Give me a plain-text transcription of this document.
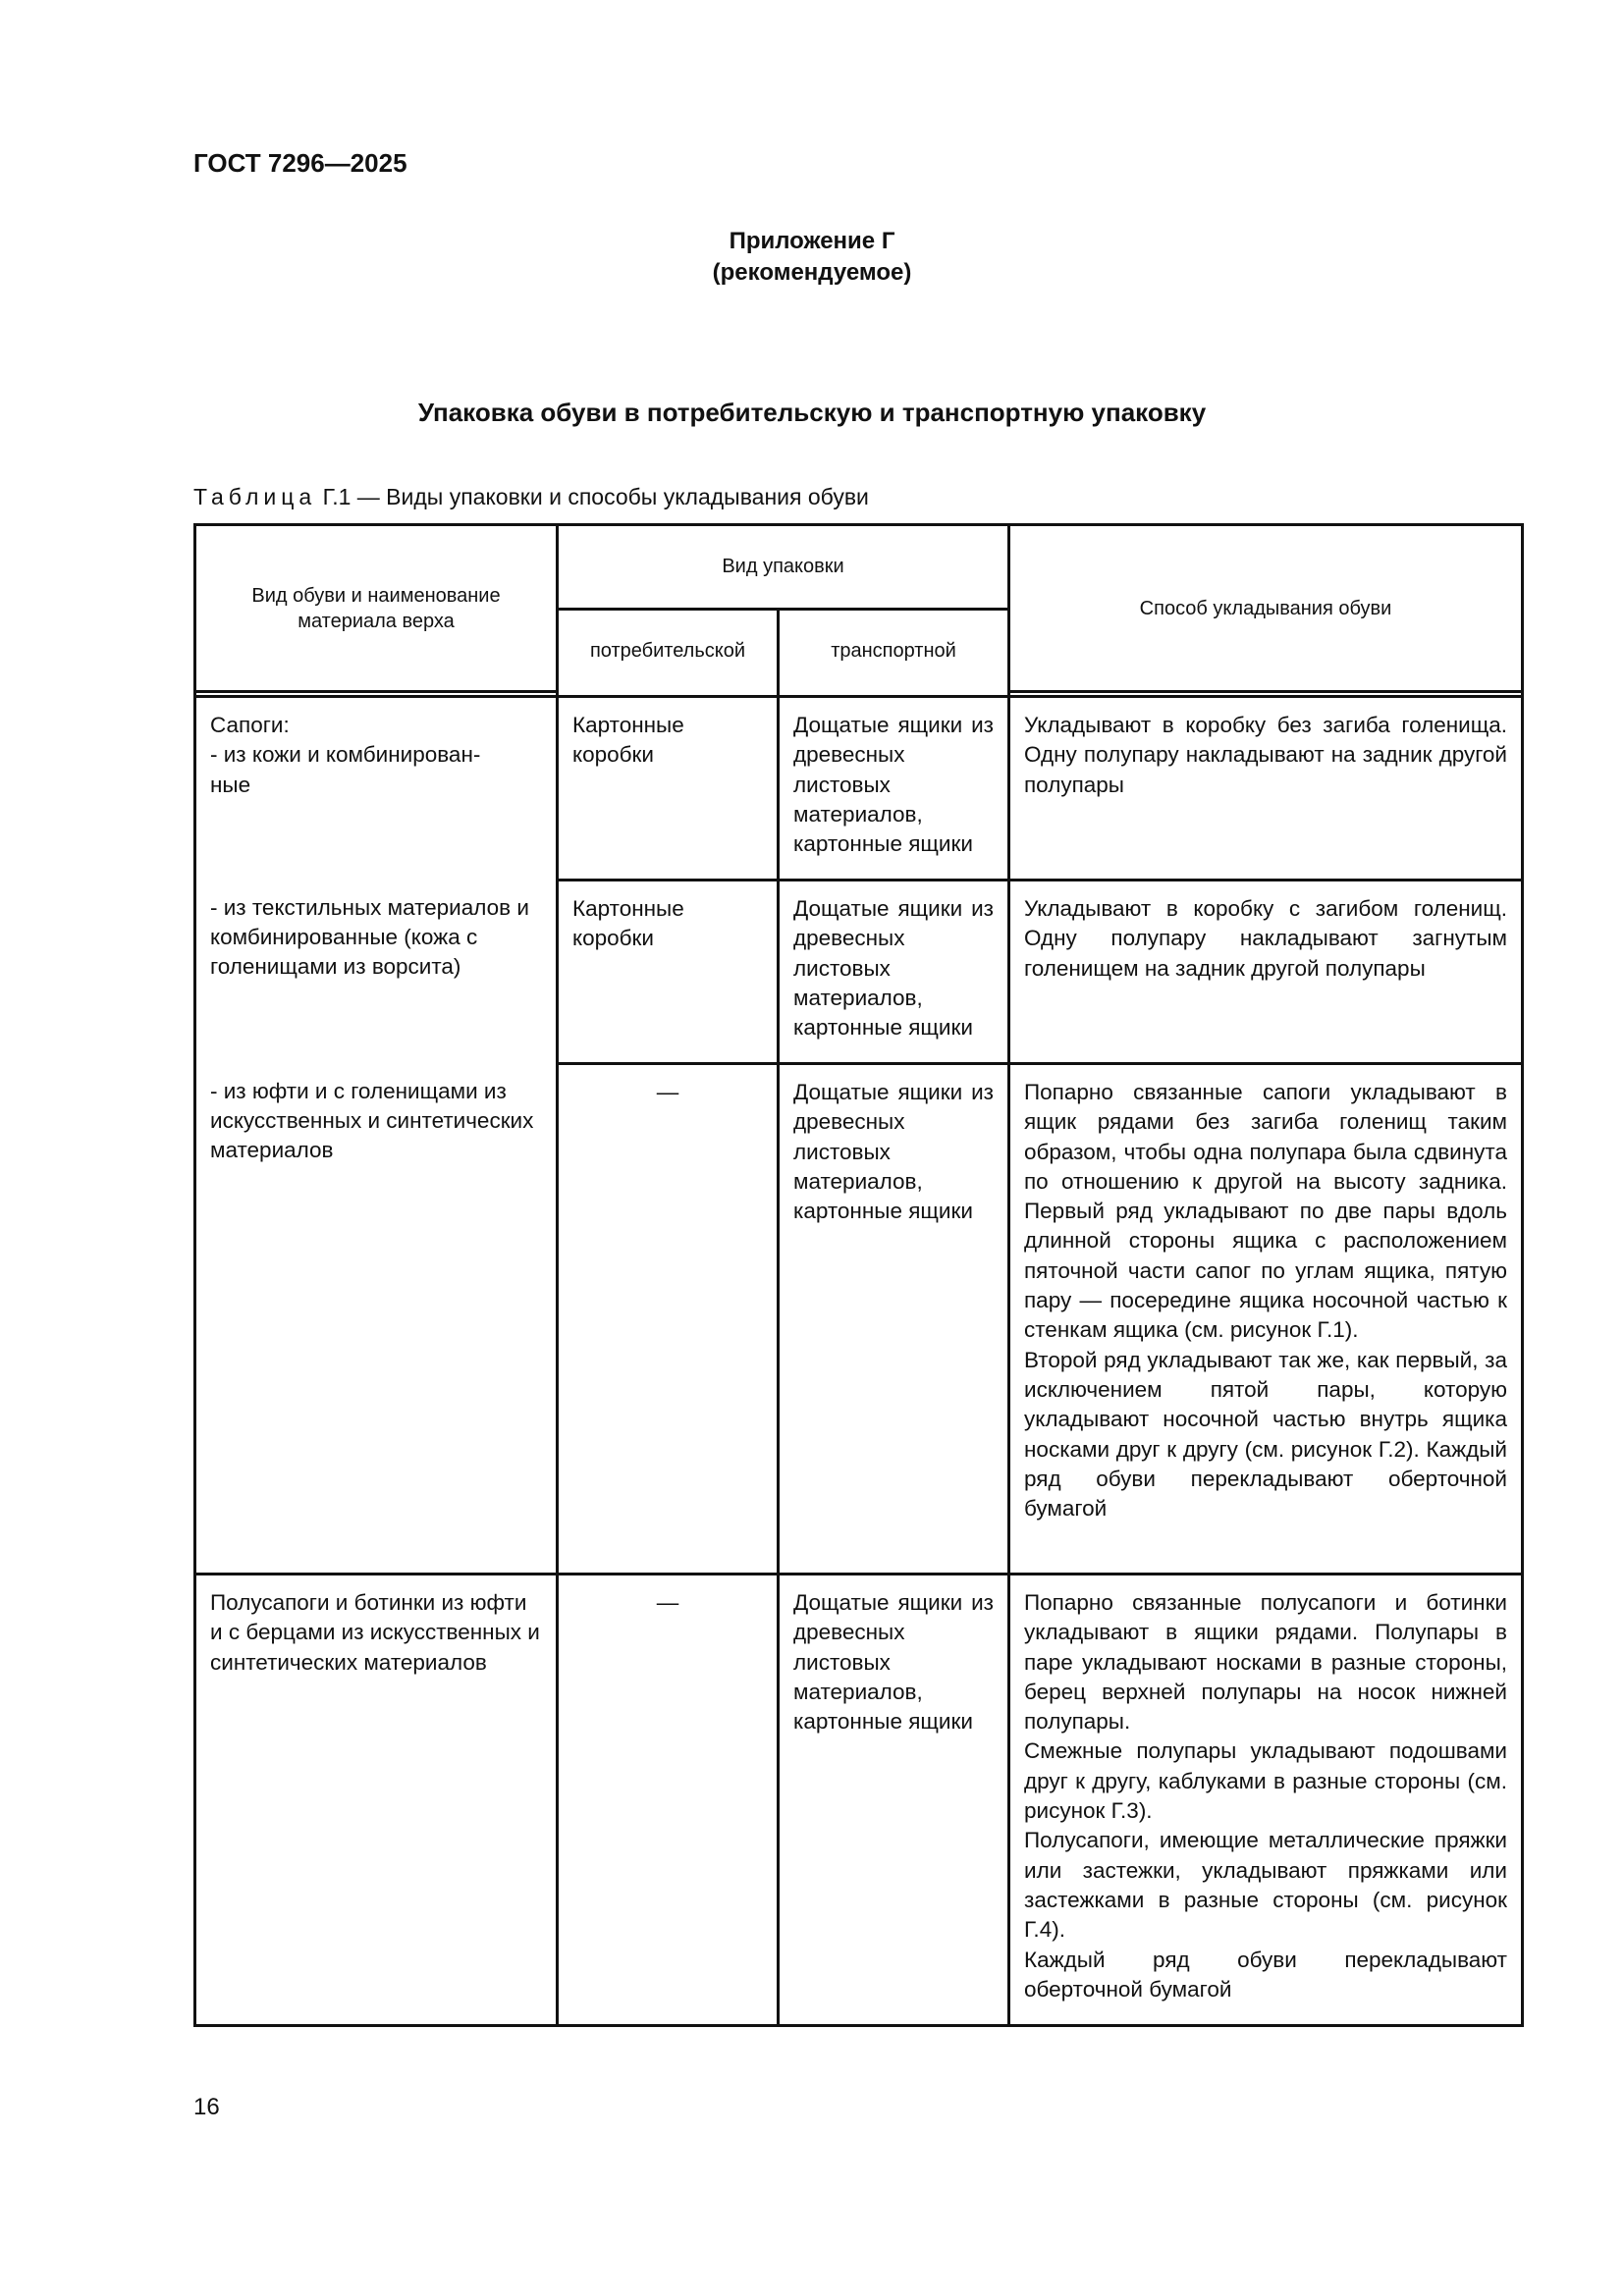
ГОСТ 7296—2025
Приложение Г
(рекомендуемое)
Упаковка обуви в потребительскую и транспортную упаковку
Таблица Г.1 — Виды упаковки и способы укладывания обуви
Вид обуви и наименование материала верха	Вид упаковки		Способ укладывания обуви
	потребительской	транспортной	

Сапоги:
- из кожи и комбинирован-
ные	Картонные коробки	Дощатые ящики из древесных листовых материалов, картонные ящики	Укладывают в коробку без загиба голенища. Одну полупару накладывают на задник другой полупары
- из текстильных материалов и комбинированные (кожа с голенищами из ворсита)	Картонные коробки	Дощатые ящики из древесных листовых материалов, картонные ящики	Укладывают в коробку с загибом голенищ. Одну полупару накладывают загнутым голенищем на задник другой полупары
- из юфти и с голенищами из искусственных и синтетических материалов	—	Дощатые ящики из древесных листовых материалов, картонные ящики	Попарно связанные сапоги укладывают в ящик рядами без загиба голенищ таким образом, чтобы одна полупара была сдвинута по отношению к другой на высоту задника. Первый ряд укладывают по две пары вдоль длинной стороны ящика с расположением пяточной части сапог по углам ящика, пятую пару — посередине ящика носочной частью к стенкам ящика (см. рисунок Г.1).
Второй ряд укладывают так же, как первый, за исключением пятой пары, которую укладывают носочной частью внутрь ящика носками друг к другу (см. рисунок Г.2). Каждый ряд обуви перекладывают оберточной бумагой

Полусапоги и ботинки из юфти и с берцами из искусственных и синтетических материалов	—	Дощатые ящики из древесных листовых материалов, картонные ящики	Попарно связанные полусапоги и ботинки укладывают в ящики рядами. Полупары в паре укладывают носками в разные стороны, берец верхней полупары на носок нижней полупары.
Смежные полупары укладывают подошвами друг к другу, каблуками в разные стороны (см. рисунок Г.3).
Полусапоги, имеющие металлические пряжки или застежки, укладывают пряжками или застежками в разные стороны (см. рисунок Г.4).
Каждый ряд обуви перекладывают оберточной бумагой
16
